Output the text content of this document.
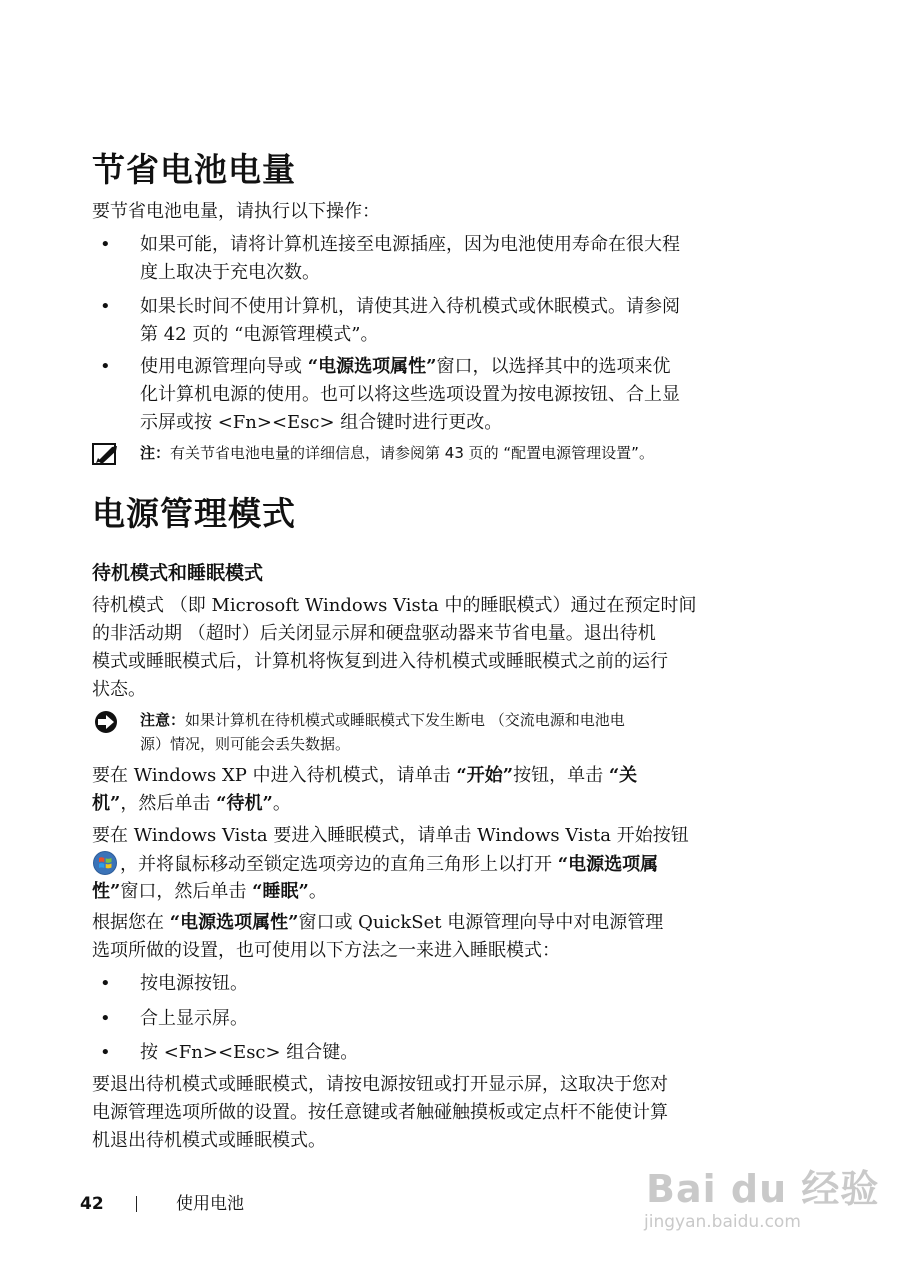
节省电池电量
要节省电池电量，请执行以下操作：
• 如果可能，请将计算机连接至电源插座，因为电池使用寿命在很大程
度上取决于充电次数。
• 如果长时间不使用计算机，请使其进入待机模式或休眠模式。请参阅
第 42 页的 “电源管理模式”。
• 使用电源管理向导或 “电源选项属性”窗口，以选择其中的选项来优
化计算机电源的使用。也可以将这些选项设置为按电源按钮、合上显
示屏或按 <Fn><Esc> 组合键时进行更改。
注：有关节省电池电量的详细信息，请参阅第 43 页的 “配置电源管理设置”。
电源管理模式
待机模式和睡眠模式
待机模式 （即 Microsoft Windows Vista 中的睡眠模式）通过在预定时间
的非活动期 （超时）后关闭显示屏和硬盘驱动器来节省电量。退出待机
模式或睡眠模式后，计算机将恢复到进入待机模式或睡眠模式之前的运行
状态。
注意：如果计算机在待机模式或睡眠模式下发生断电 （交流电源和电池电
源）情况，则可能会丢失数据。
要在 Windows XP 中进入待机模式，请单击 “开始”按钮，单击 “关
机”，然后单击 “待机”。
要在 Windows Vista 要进入睡眠模式，请单击 Windows Vista 开始按钮
，并将鼠标移动至锁定选项旁边的直角三角形上以打开 “电源选项属
性”窗口，然后单击 “睡眠”。
根据您在 “电源选项属性”窗口或 QuickSet 电源管理向导中对电源管理
选项所做的设置，也可使用以下方法之一来进入睡眠模式：
• 按电源按钮。
• 合上显示屏。
• 按 <Fn><Esc> 组合键。
要退出待机模式或睡眠模式，请按电源按钮或打开显示屏，这取决于您对
电源管理选项所做的设置。按任意键或者触碰触摸板或定点杆不能使计算
机退出待机模式或睡眠模式。
42	使用电池	Bai du 经验
jingyan.baidu.com
